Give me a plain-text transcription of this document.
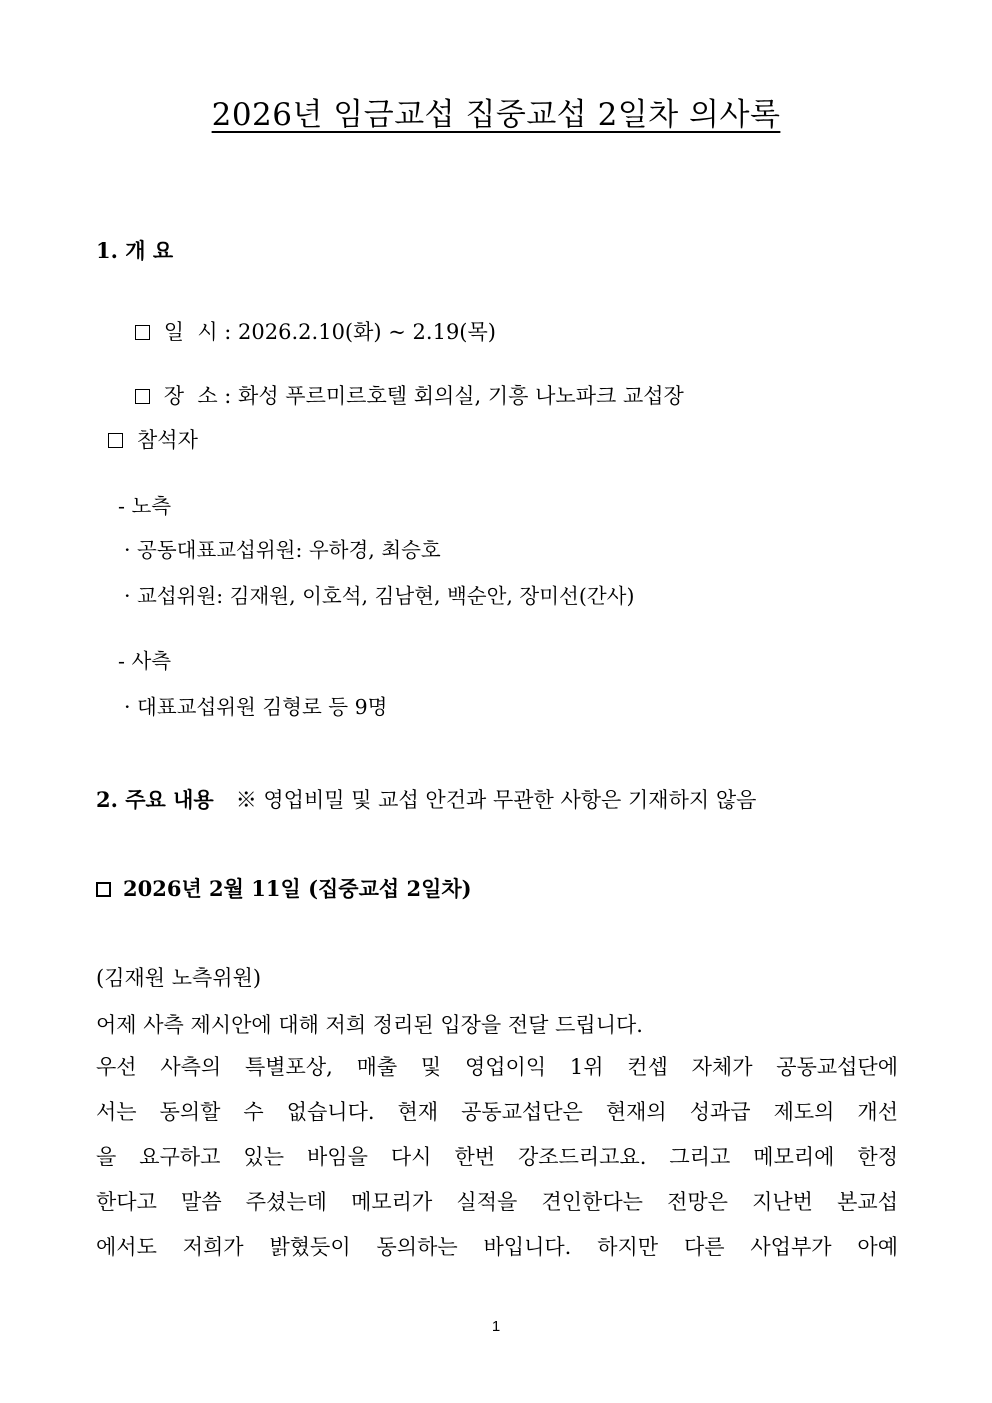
2026년 임금교섭 집중교섭 2일차 의사록
1. 개 요

일  시 : 2026.2.10(화) ~ 2.19(목)

장  소 : 화성 푸르미르호텔 회의실, 기흥 나노파크 교섭장

참석자
- 노측
· 공동대표교섭위원: 우하경, 최승호
· 교섭위원: 김재원, 이호석, 김남현, 백순안, 장미선(간사)
- 사측
· 대표교섭위원 김형로 등 9명
2. 주요 내용 ※ 영업비밀 및 교섭 안건과 무관한 사항은 기재하지 않음
2026년 2월 11일 (집중교섭 2일차)
(김재원 노측위원)
어제 사측 제시안에 대해 저희 정리된 입장을 전달 드립니다.
우선 사측의 특별포상, 매출 및 영업이익 1위 컨셉 자체가 공동교섭단에
서는 동의할 수 없습니다. 현재 공동교섭단은 현재의 성과급 제도의 개선
을 요구하고 있는 바임을 다시 한번 강조드리고요. 그리고 메모리에 한정
한다고 말씀 주셨는데 메모리가 실적을 견인한다는 전망은 지난번 본교섭
에서도 저희가 밝혔듯이 동의하는 바입니다. 하지만 다른 사업부가 아예
1
